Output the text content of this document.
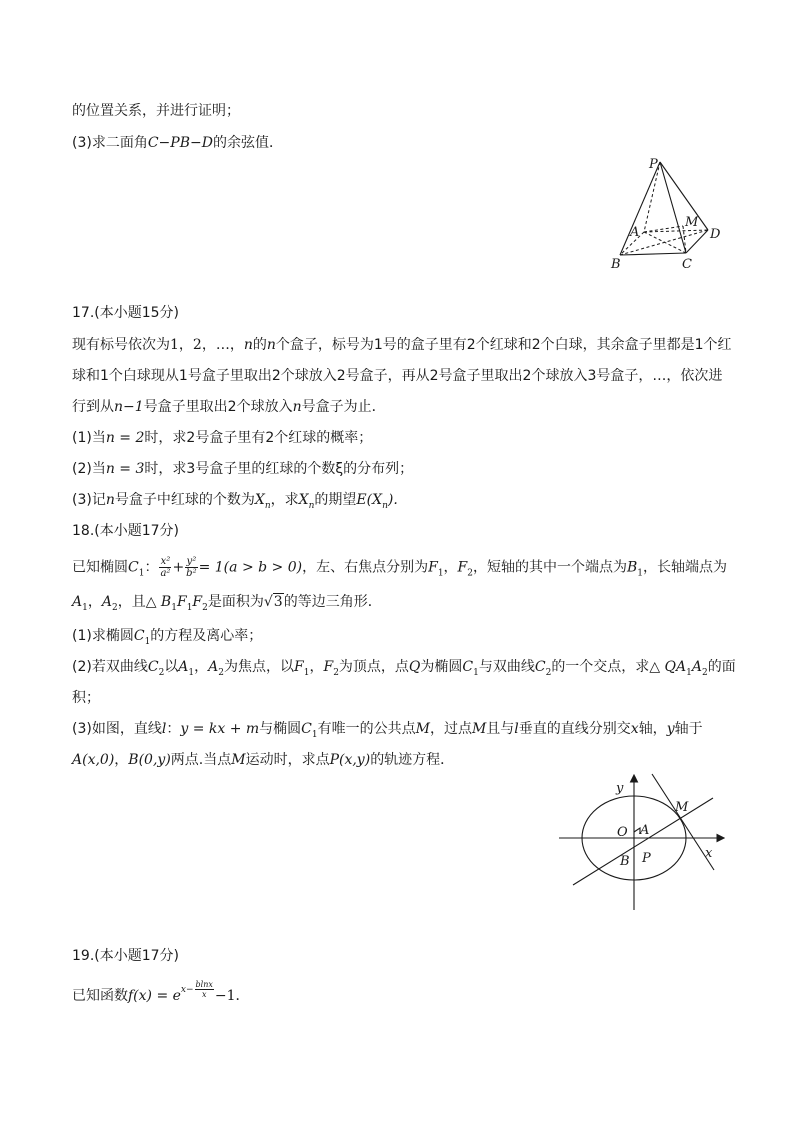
的位置关系，并进行证明；
(3)求二面角C−PB−D的余弦值．
P
M
A	D
B	C
17.(本小题15分)
现有标号依次为1，2，…，n的n个盒子，标号为1号的盒子里有2个红球和2个白球，其余盒子里都是1个红
球和1个白球现从1号盒子里取出2个球放入2号盒子，再从2号盒子里取出2个球放入3号盒子，…，依次进
行到从n−1号盒子里取出2个球放入n号盒子为止．
(1)当n = 2时，求2号盒子里有2个红球的概率；
(2)当n = 3时，求3号盒子里的红球的个数ξ的分布列；
(3)记n号盒子中红球的个数为$X_n$，求$X_n$的期望$E(X_n)$.
18.(本小题17分)
已知椭圆$C_1$： $\frac{\text{x²}}{\text{a²}} + \frac{\text{y²}}{\text{b²}} = 1(a > b > 0)$，左、右焦点分别为$F_1$，$F_2$，短轴的其中一个端点为$B_1$，长轴端点为
$A_1$，$A_2$，且△ $B_1F_1F_2$是面积为√3的等边三角形．
(1)求椭圆$C_1$的方程及离心率；
(2)若双曲线$C_2$以$A_1$，$A_2$为焦点，以$F_1$，$F_2$为顶点，点Q为椭圆$C_1$与双曲线$C_2$的一个交点，求△ $QA_1A_2$的面
积；
(3)如图，直线l：y = kx + m与椭圆$C_1$有唯一的公共点M，过点M且与l垂直的直线分别交x轴，y轴于
A(x,0)，B(0,y)两点.当点M运动时，求点P(x,y)的轨迹方程．
y
M
O A
x
B P
19.(本小题17分)
已知函数$f(x) = e^{x- \frac{blnx}{x}} -1$．
